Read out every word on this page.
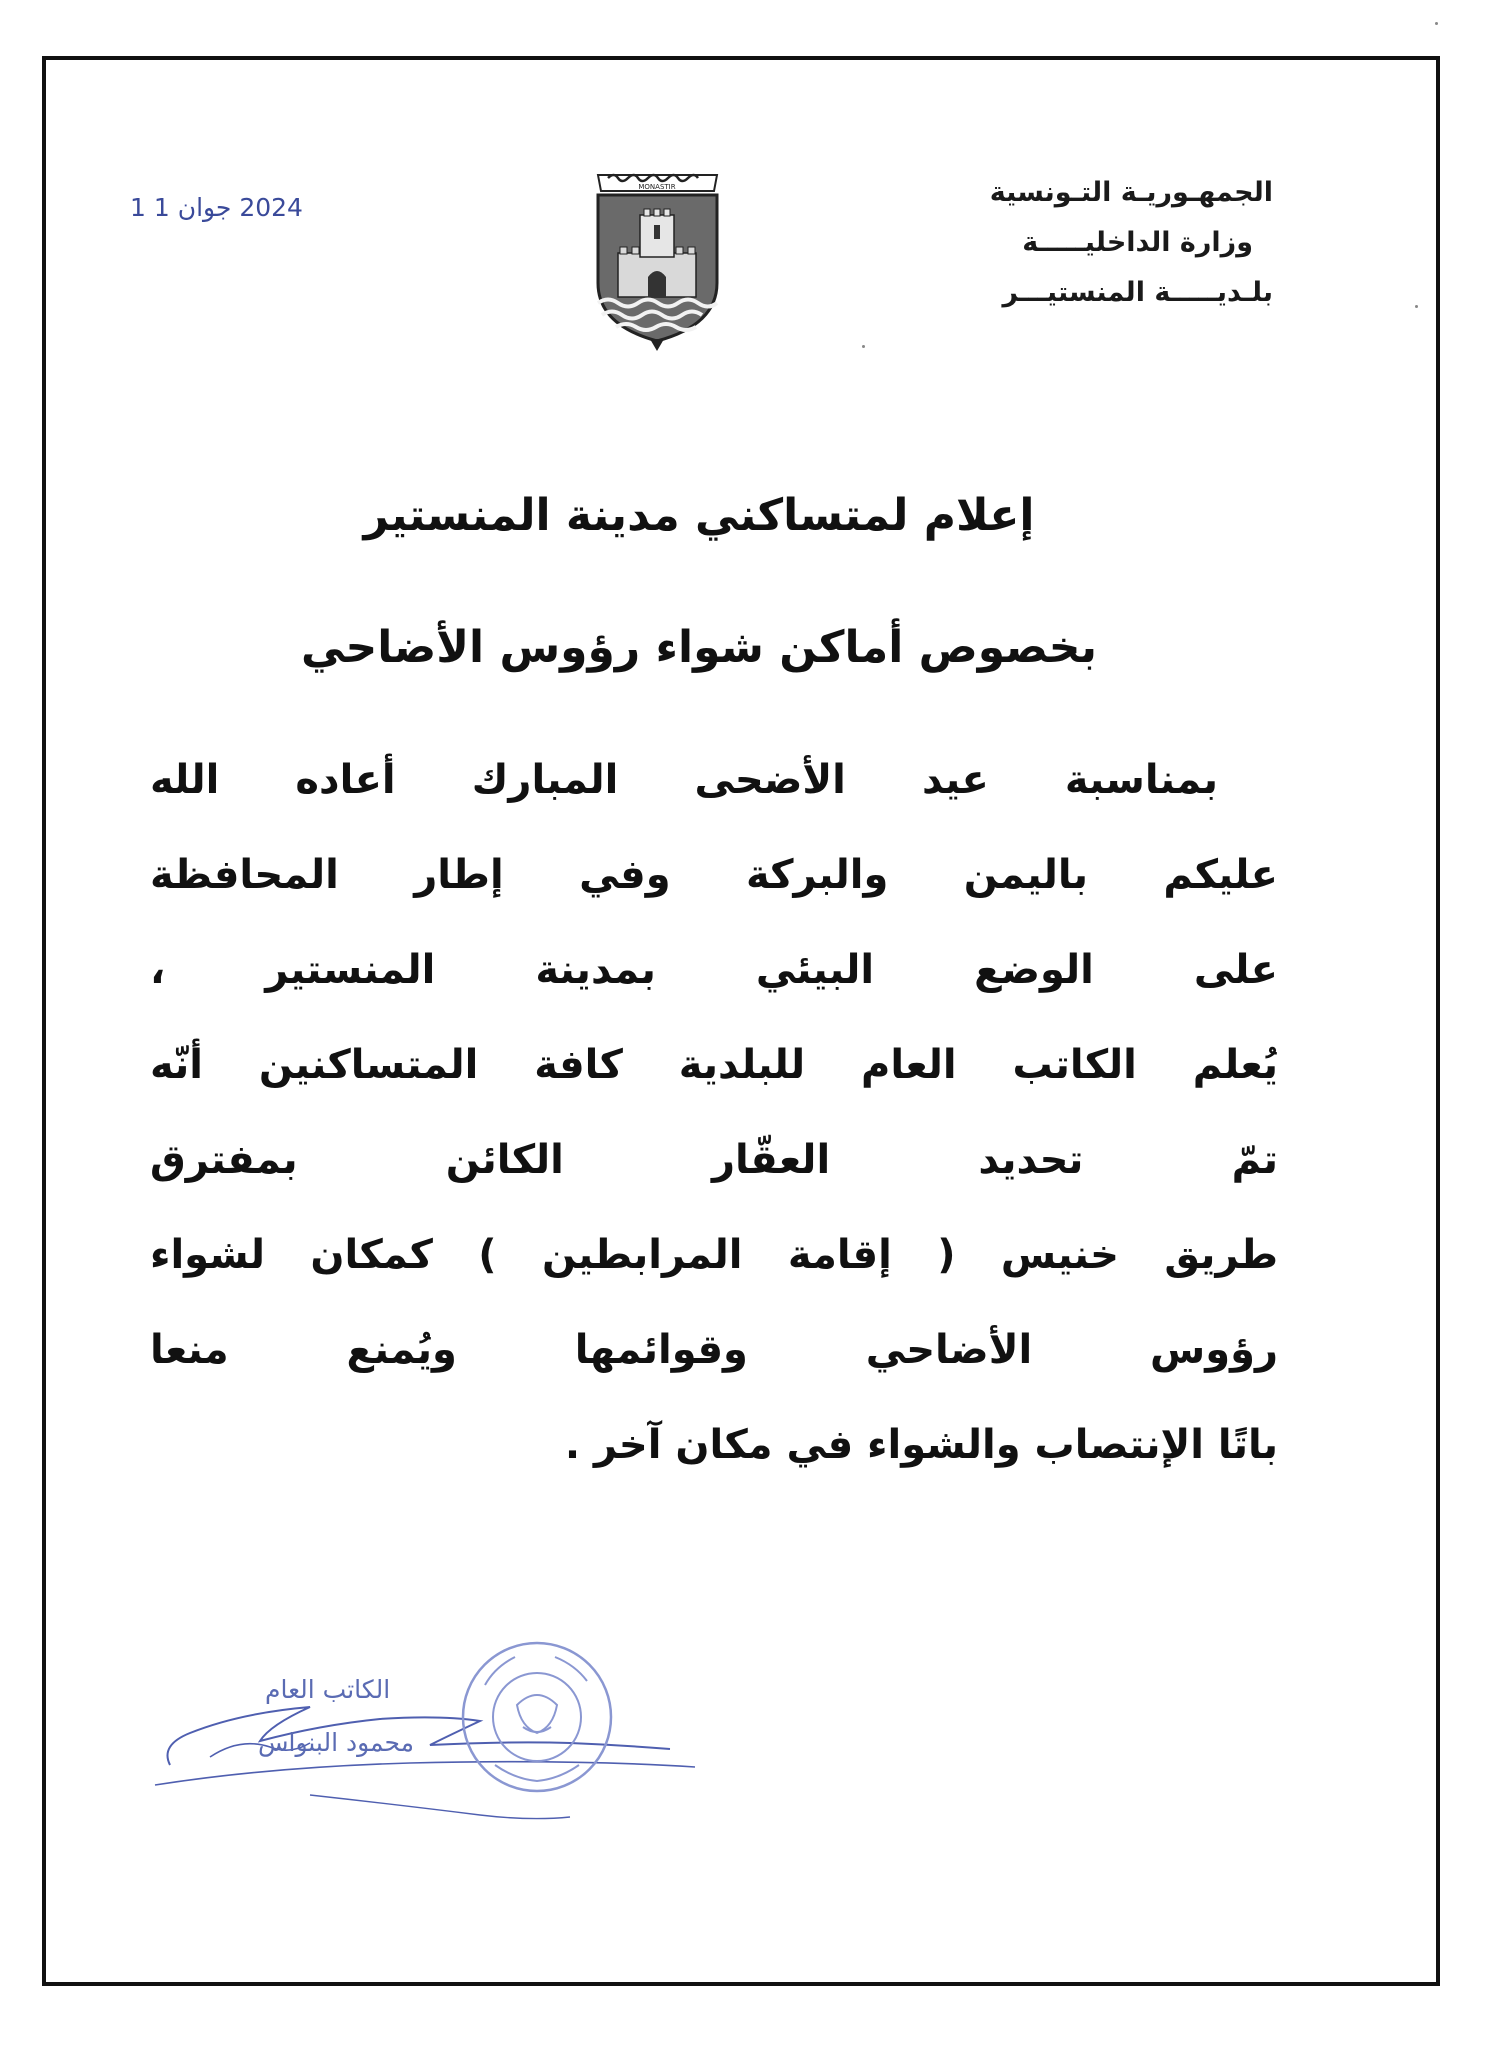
الجمهـوريـة التـونسية
وزارة الداخليـــــة
بلـديـــــة المنستيـــر
MONASTIR
2024 جوان 1 1
إعلام لمتساكني مدينة المنستير
بخصوص أماكن شواء رؤوس الأضاحي
بمناسبة عيد الأضحى المبارك أعاده الله
عليكم باليمن والبركة وفي إطار المحافظة
على الوضع البيئي بمدينة المنستير ،
يُعلم الكاتب العام للبلدية كافة المتساكنين أنّه
تمّ تحديد العقّار الكائن بمفترق
طريق خنيس ( إقامة المرابطين ) كمكان لشواء
رؤوس الأضاحي وقوائمها ويُمنع منعا
باتًا الإنتصاب والشواء في مكان آخر .
الكاتب العام
محمود البنواس
